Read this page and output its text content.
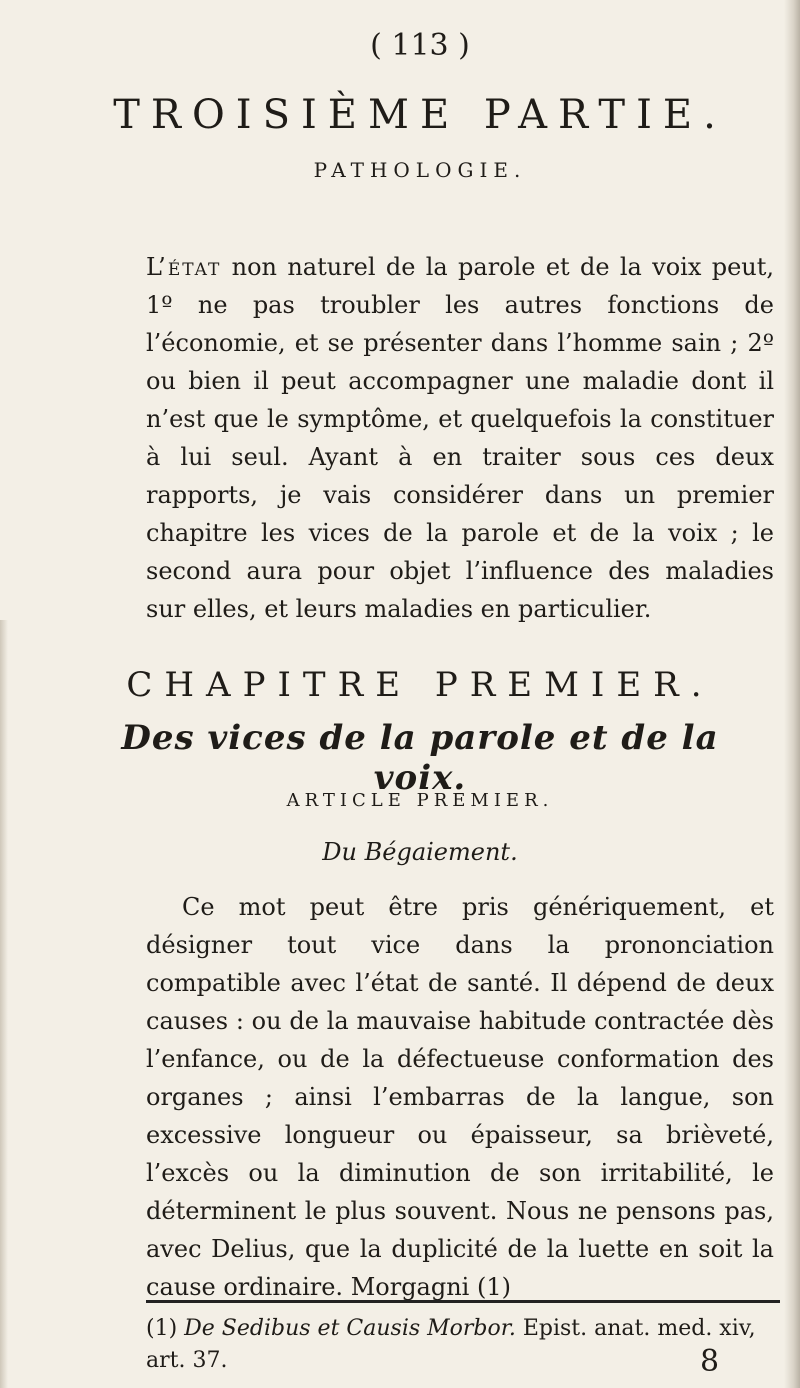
( 113 )
TROISIÈME PARTIE.
PATHOLOGIE.

L’état non naturel de la parole et de la voix peut, 1º ne pas troubler les autres fonctions de l’économie, et se présenter dans l’homme sain ; 2º ou bien il peut accompagner une maladie dont il n’est que le symptôme, et quelquefois la constituer à lui seul. Ayant à en traiter sous ces deux rapports, je vais considérer dans un premier chapitre les vices de la parole et de la voix ; le second aura pour objet l’influence des maladies sur elles, et leurs maladies en particulier.

CHAPITRE PREMIER.
Des vices de la parole et de la voix.
ARTICLE PREMIER.
Du Bégaiement.

Ce mot peut être pris génériquement, et désigner tout vice dans la prononciation compatible avec l’état de santé. Il dépend de deux causes : ou de la mauvaise habitude contractée dès l’enfance, ou de la défectueuse conformation des organes ; ainsi l’embarras de la langue, son excessive longueur ou épaisseur, sa brièveté, l’excès ou la diminution de son irritabilité, le déterminent le plus souvent. Nous ne pensons pas, avec Delius, que la duplicité de la luette en soit la cause ordinaire. Morgagni (1)

(1) De Sedibus et Causis Morbor. Epist. anat. med. xiv, art. 37.	8
